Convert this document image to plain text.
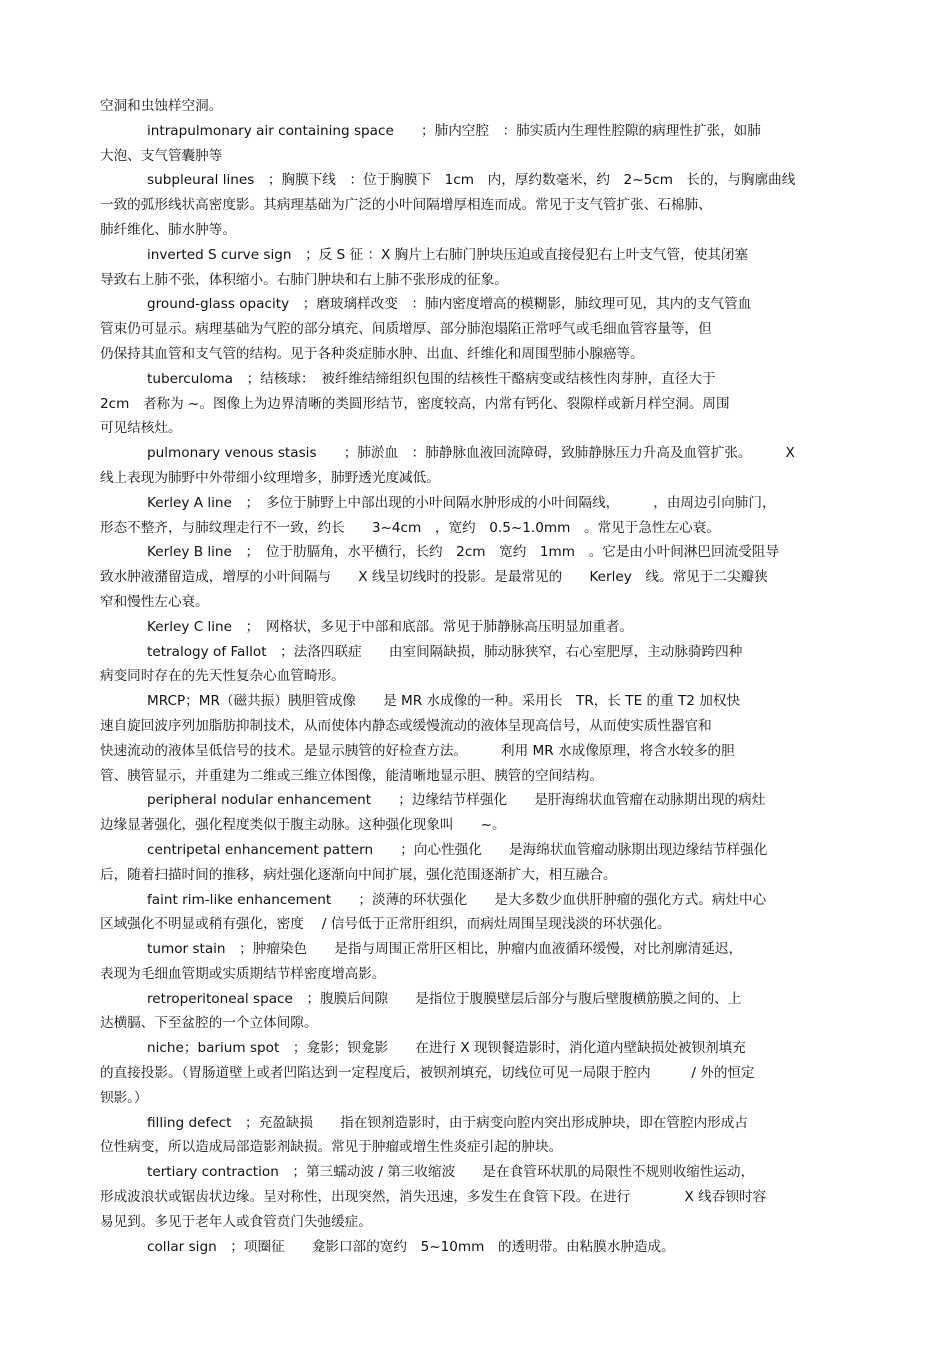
空洞和虫蚀样空洞。
intrapulmonary air containing space　　；肺内空腔　：肺实质内生理性腔隙的病理性扩张，如肺
大泡、支气管囊肿等
subpleural lines　；胸膜下线　：位于胸膜下　1cm　内，厚约数毫米，约　2~5cm　长的，与胸廓曲线
一致的弧形线状高密度影。其病理基础为广泛的小叶间隔增厚相连而成。常见于支气管扩张、石棉肺、
肺纤维化、肺水肿等。
inverted S curve sign　；反 S 征 ：X 胸片上右肺门肿块压迫或直接侵犯右上叶支气管，使其闭塞
导致右上肺不张，体积缩小。右肺门肿块和右上肺不张形成的征象。
ground-glass opacity　；磨玻璃样改变　：肺内密度增高的模糊影，肺纹理可见，其内的支气管血
管束仍可显示。病理基础为气腔的部分填充、间质增厚、部分肺泡塌陷正常呼气或毛细血管容量等，但
仍保持其血管和支气管的结构。见于各种炎症肺水肿、出血、纤维化和周围型肺小腺癌等。
tuberculoma　；结核球：　被纤维结缔组织包围的结核性干酪病变或结核性肉芽肿，直径大于
2cm　者称为 ~。图像上为边界清晰的类圆形结节，密度较高，内常有钙化、裂隙样或新月样空洞。周围
可见结核灶。
pulmonary venous stasis　　；肺淤血　：肺静脉血液回流障碍，致肺静脉压力升高及血管扩张。　　　X
线上表现为肺野中外带细小纹理增多，肺野透光度减低。
Kerley A line　；　多位于肺野上中部出现的小叶间隔水肿形成的小叶间隔线，　　　，由周边引向肺门，
形态不整齐，与肺纹理走行不一致，约长　　3~4cm　，宽约　0.5~1.0mm　。常见于急性左心衰。
Kerley B line　；　位于肋膈角，水平横行，长约　2cm　宽约　1mm　。它是由小叶间淋巴回流受阻导
致水肿液潴留造成，增厚的小叶间隔与　　X 线呈切线时的投影。是最常见的　　Kerley　线。常见于二尖瓣狭
窄和慢性左心衰。
Kerley C line　；　网格状，多见于中部和底部。常见于肺静脉高压明显加重者。
tetralogy of Fallot　；法洛四联症　　由室间隔缺损，肺动脉狭窄，右心室肥厚，主动脉骑跨四种
病变同时存在的先天性复杂心血管畸形。
MRCP；MR（磁共振）胰胆管成像　　是 MR 水成像的一种。采用长　TR，长 TE 的重 T2 加权快
速自旋回波序列加脂肪抑制技术，从而使体内静态或缓慢流动的液体呈现高信号，从而使实质性器官和
快速流动的液体呈低信号的技术。是显示胰管的好检查方法。　　　利用 MR 水成像原理，将含水较多的胆
管、胰管显示，并重建为二维或三维立体图像，能清晰地显示胆、胰管的空间结构。
peripheral nodular enhancement　　；边缘结节样强化　　是肝海绵状血管瘤在动脉期出现的病灶
边缘显著强化，强化程度类似于腹主动脉。这种强化现象叫　　~。
centripetal enhancement pattern　　；向心性强化　　是海绵状血管瘤动脉期出现边缘结节样强化
后，随着扫描时间的推移，病灶强化逐渐向中间扩展，强化范围逐渐扩大，相互融合。
faint rim-like enhancement　　；淡薄的环状强化　　是大多数少血供肝肿瘤的强化方式。病灶中心
区域强化不明显或稍有强化，密度　 / 信号低于正常肝组织，而病灶周围呈现浅淡的环状强化。
tumor stain　；肿瘤染色　　是指与周围正常肝区相比，肿瘤内血液循环缓慢，对比剂廓清延迟，
表现为毛细血管期或实质期结节样密度增高影。
retroperitoneal space　；腹膜后间隙　　是指位于腹膜壁层后部分与腹后壁腹横筋膜之间的、上
达横膈、下至盆腔的一个立体间隙。
niche；barium spot　；龛影；钡龛影　　在进行 X 现钡餐造影时，消化道内壁缺损处被钡剂填充
的直接投影。（胃肠道壁上或者凹陷达到一定程度后，被钡剂填充，切线位可见一局限于腔内　　　/ 外的恒定
钡影。）
filling defect　；充盈缺损　　指在钡剂造影时，由于病变向腔内突出形成肿块，即在管腔内形成占
位性病变，所以造成局部造影剂缺损。常见于肿瘤或增生性炎症引起的肿块。
tertiary contraction　；第三蠕动波 / 第三收缩波　　是在食管环状肌的局限性不规则收缩性运动，
形成波浪状或锯齿状边缘。呈对称性，出现突然，消失迅速，多发生在食管下段。在进行　　　　X 线吞钡时容
易见到。多见于老年人或食管贲门失弛缓症。
collar sign　；项圈征　　龛影口部的宽约　5~10mm　的透明带。由粘膜水肿造成。
